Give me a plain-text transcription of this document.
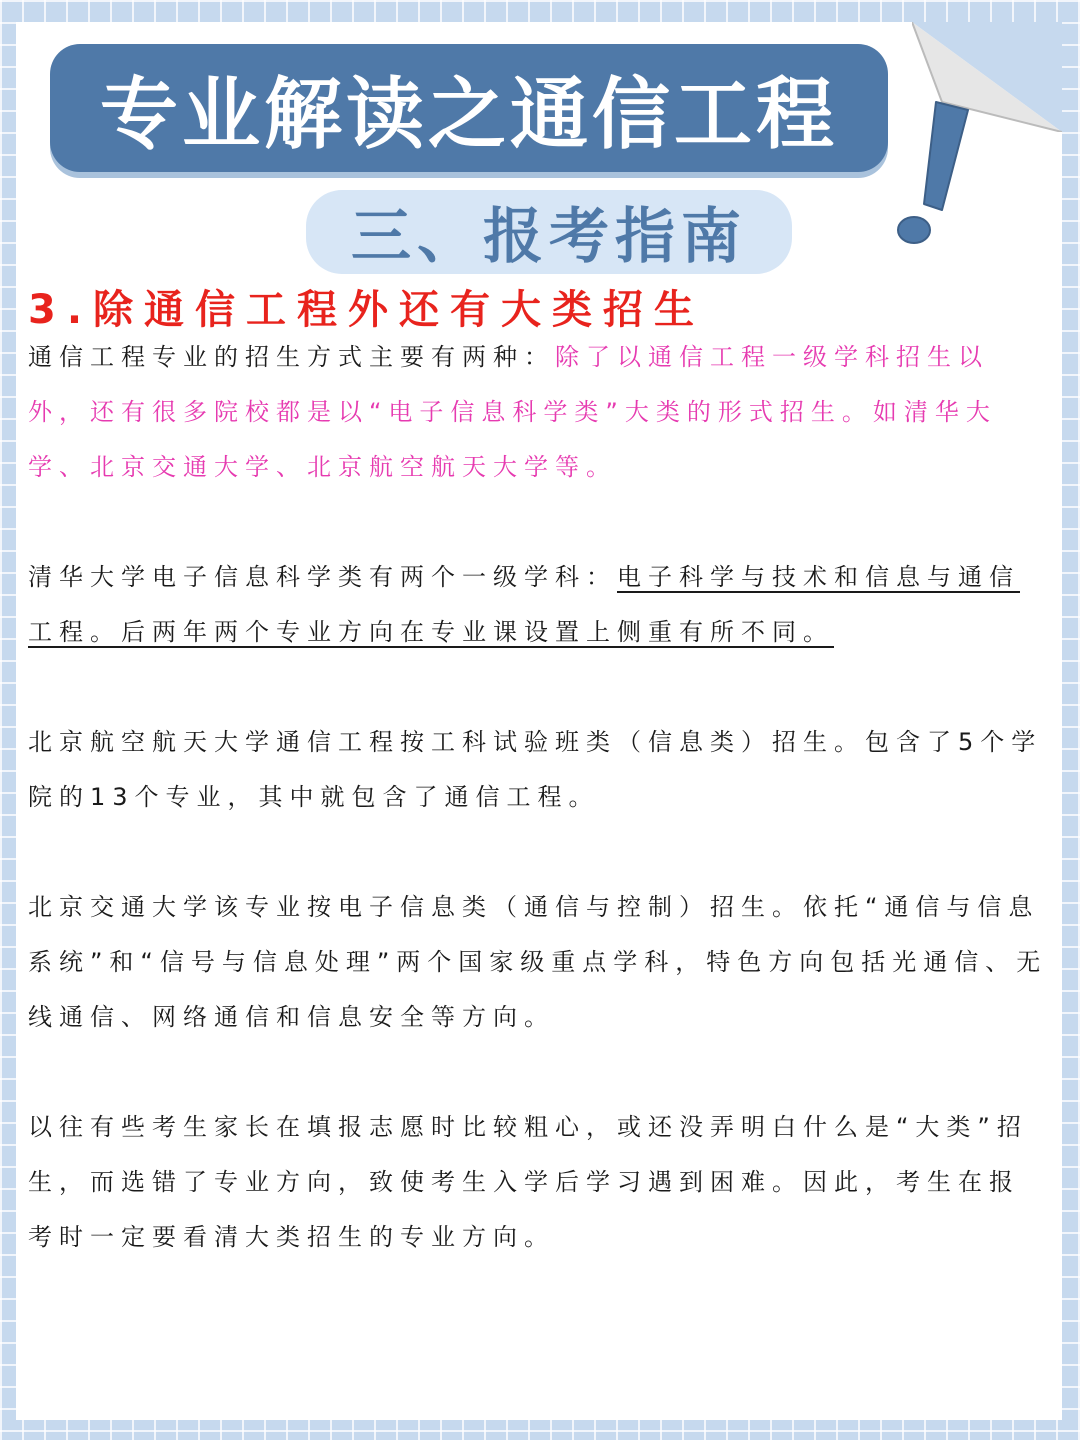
专业解读之通信工程
三、报考指南
3.除通信工程外还有大类招生

通信工程专业的招生方式主要有两种：除了以通信工程一级学科招生以外，还有很多院校都是以“电子信息科学类”大类的形式招生。如清华大学、北京交通大学、北京航空航天大学等。

清华大学电子信息科学类有两个一级学科：电子科学与技术和信息与通信工程。后两年两个专业方向在专业课设置上侧重有所不同。

北京航空航天大学通信工程按工科试验班类（信息类）招生。包含了5个学院的13个专业，其中就包含了通信工程。

北京交通大学该专业按电子信息类（通信与控制）招生。依托“通信与信息系统”和“信号与信息处理”两个国家级重点学科，特色方向包括光通信、无线通信、网络通信和信息安全等方向。

以往有些考生家长在填报志愿时比较粗心，或还没弄明白什么是“大类”招生，而选错了专业方向，致使考生入学后学习遇到困难。因此，考生在报考时一定要看清大类招生的专业方向。
